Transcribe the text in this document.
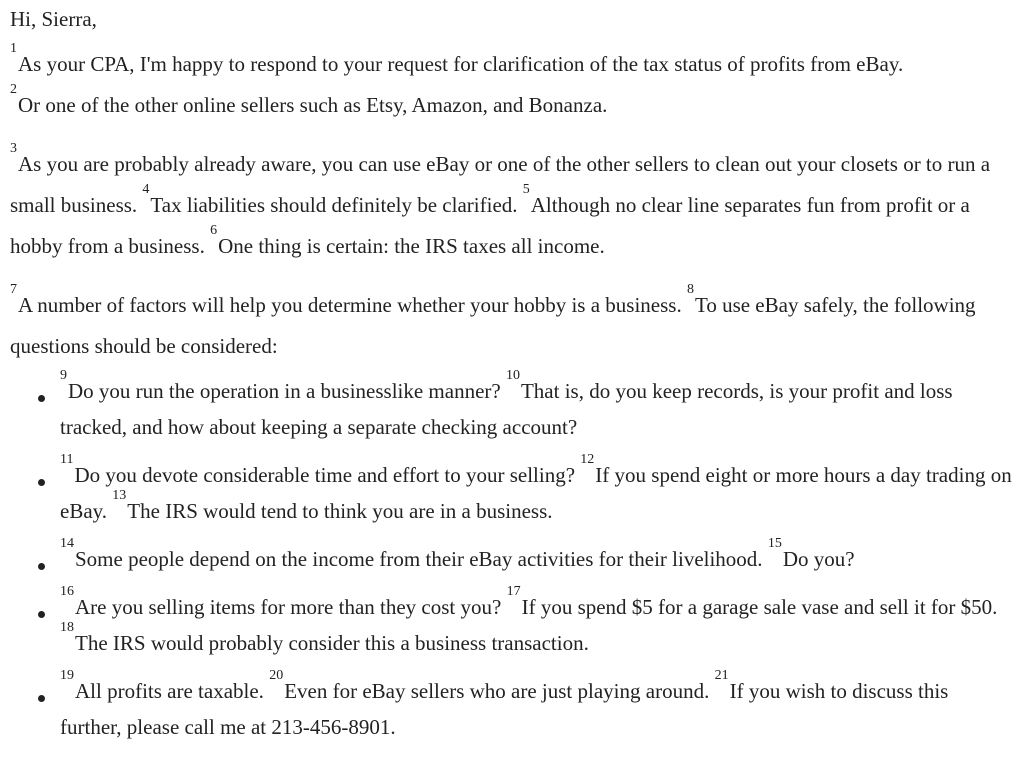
Hi, Sierra,

$^1$As your CPA, I'm happy to respond to your request for clarification of the tax status of profits from eBay.
$^2$Or one of the other online sellers such as Etsy, Amazon, and Bonanza.

$^3$As you are probably already aware, you can use eBay or one of the other sellers to clean out your closets or to run a small business. $^4$Tax liabilities should definitely be clarified. $^5$Although no clear line separates fun from profit or a hobby from a business. $^6$One thing is certain: the IRS taxes all income.

$^7$A number of factors will help you determine whether your hobby is a business. $^8$To use eBay safely, the following questions should be considered:

$^9$Do you run the operation in a businesslike manner? $^{10}$That is, do you keep records, is your profit and loss tracked, and how about keeping a separate checking account?
$^{11}$Do you devote considerable time and effort to your selling? $^{12}$If you spend eight or more hours a day trading on eBay. $^{13}$The IRS would tend to think you are in a business.
$^{14}$Some people depend on the income from their eBay activities for their livelihood. $^{15}$Do you?
$^{16}$Are you selling items for more than they cost you? $^{17}$If you spend $5 for a garage sale vase and sell it for $50. $^{18}$The IRS would probably consider this a business transaction.
$^{19}$All profits are taxable. $^{20}$Even for eBay sellers who are just playing around. $^{21}$If you wish to discuss this further, please call me at 213-456-8901.
